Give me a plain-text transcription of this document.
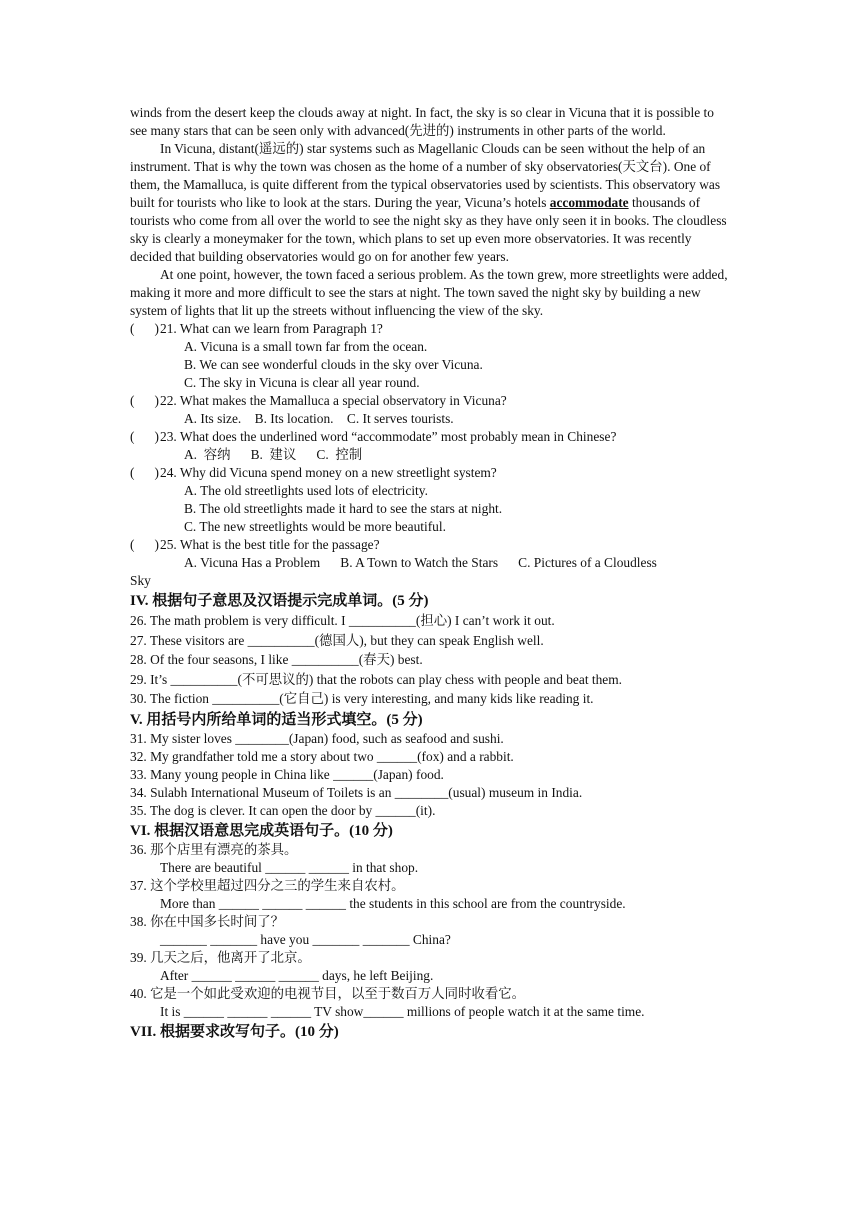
winds from the desert keep the clouds away at night. In fact, the sky is so clear in Vicuna that it is possible to see many stars that can be seen only with advanced(先进的) instruments in other parts of the world.

In Vicuna, distant(遥远的) star systems such as Magellanic Clouds can be seen without the help of an instrument. That is why the town was chosen as the home of a number of sky observatories(天文台). One of them, the Mamalluca, is quite different from the typical observatories used by scientists. This observatory was built for tourists who like to look at the stars. During the year, Vicuna’s hotels accommodate thousands of tourists who come from all over the world to see the night sky as they have only seen it in books. The cloudless sky is clearly a moneymaker for the town, which plans to set up even more observatories. It was recently decided that building observatories would go on for another few years.

At one point, however, the town faced a serious problem. As the town grew, more streetlights were added, making it more and more difficult to see the stars at night. The town saved the night sky by building a new system of lights that lit up the streets without influencing the view of the sky.

(      ) 21. What can we learn from Paragraph 1?

A. Vicuna is a small town far from the ocean.

B. We can see wonderful clouds in the sky over Vicuna.

C. The sky in Vicuna is clear all year round.

(      ) 22. What makes the Mamalluca a special observatory in Vicuna?

A. Its size.    B. Its location.    C. It serves tourists.

(      ) 23. What does the underlined word “accommodate” most probably mean in Chinese?

A.  容纳      B.  建议      C.  控制

(      ) 24. Why did Vicuna spend money on a new streetlight system?

A. The old streetlights used lots of electricity.

B. The old streetlights made it hard to see the stars at night.

C. The new streetlights would be more beautiful.

(      ) 25. What is the best title for the passage?

A. Vicuna Has a Problem      B. A Town to Watch the Stars      C. Pictures of a Cloudless

Sky

IV. 根据句子意思及汉语提示完成单词。(5 分)

26. The math problem is very difficult. I __________(担心) I can’t work it out.

27. These visitors are __________(德国人), but they can speak English well.

28. Of the four seasons, I like __________(春天) best.

29. It’s __________(不可思议的) that the robots can play chess with people and beat them.

30. The fiction __________(它自己) is very interesting, and many kids like reading it.

V. 用括号内所给单词的适当形式填空。(5 分)

31. My sister loves ________(Japan) food, such as seafood and sushi.

32. My grandfather told me a story about two ______(fox) and a rabbit.

33. Many young people in China like ______(Japan) food.

34. Sulabh International Museum of Toilets is an ________(usual) museum in India.

35. The dog is clever. It can open the door by ______(it).

VI. 根据汉语意思完成英语句子。(10 分)

36. 那个店里有漂亮的茶具。

There are beautiful ______ ______ in that shop.

37. 这个学校里超过四分之三的学生来自农村。

More than ______ ______ ______ the students in this school are from the countryside.

38. 你在中国多长时间了？

_______ _______ have you _______ _______ China?

39. 几天之后，他离开了北京。

After ______ ______ ______ days, he left Beijing.

40. 它是一个如此受欢迎的电视节目，以至于数百万人同时收看它。

It is ______ ______ ______ TV show______ millions of people watch it at the same time.

VII. 根据要求改写句子。(10 分)
